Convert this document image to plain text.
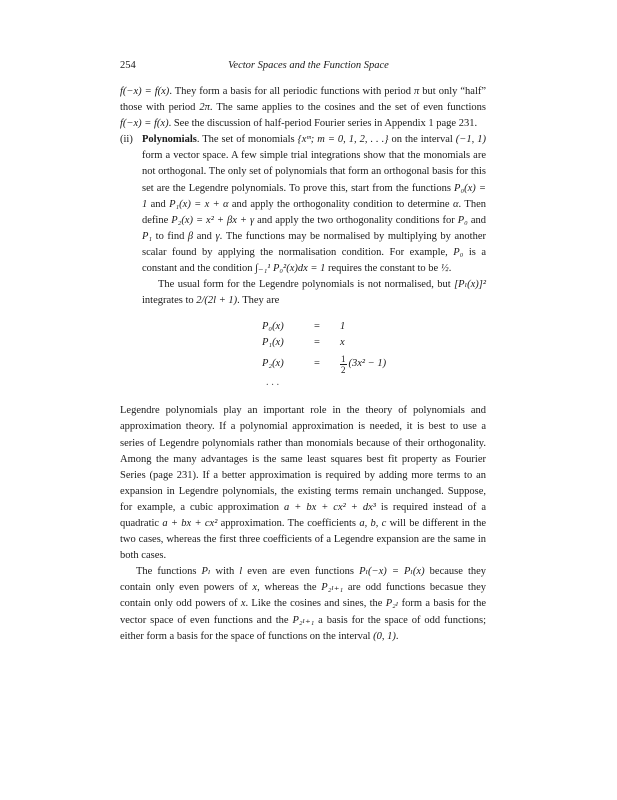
254	Vector Spaces and the Function Space

f(−x) = f(x). They form a basis for all periodic functions with period π but only “half” those with period 2π. The same applies to the cosines and the set of even functions f(−x) = f(x). See the discussion of half-period Fourier series in Appendix 1 page 231.

(ii) Polynomials. The set of monomials {xᵐ; m = 0, 1, 2, . . .} on the interval (−1, 1) form a vector space. A few simple trial integrations show that the monomials are not orthogonal. The only set of polynomials that form an orthogonal basis for this set are the Legendre polynomials. To prove this, start from the functions P₀(x) = 1 and P₁(x) = x + α and apply the orthogonality condition to determine α. Then define P₂(x) = x² + βx + γ and apply the two orthogonality conditions for P₀ and P₁ to find β and γ. The functions may be normalised by multiplying by another scalar found by applying the normalisation condition. For example, P₀ is a constant and the condition ∫₋₁¹ P₀²(x)dx = 1 requires the constant to be ½.

The usual form for the Legendre polynomials is not normalised, but [Pₗ(x)]² integrates to 2/(2l + 1). They are

P₀(x)	=	1
P₁(x)	=	x
P₂(x)	=	$\frac{1}{2} (3x^2 - 1)$
. . .

Legendre polynomials play an important role in the theory of polynomials and approximation theory. If a polynomial approximation is needed, it is best to use a series of Legendre polynomials rather than monomials because of their orthogonality. Among the many advantages is the same least squares best fit property as Fourier Series (page 231). If a better approximation is required by adding more terms to an expansion in Legendre polynomials, the existing terms remain unchanged. Suppose, for example, a cubic approximation a + bx + cx² + dx³ is required instead of a quadratic a + bx + cx² approximation. The coefficients a, b, c will be different in the two cases, whereas the first three coefficients of a Legendre expansion are the same in both cases.

The functions Pₗ with l even are even functions Pₗ(−x) = Pₗ(x) because they contain only even powers of x, whereas the P₂ₗ₊₁ are odd functions becasue they contain only odd powers of x. Like the cosines and sines, the P₂ₗ form a basis for the vector space of even functions and the P₂ₗ₊₁ a basis for the space of odd functions; either form a basis for the space of functions on the interval (0, 1).
